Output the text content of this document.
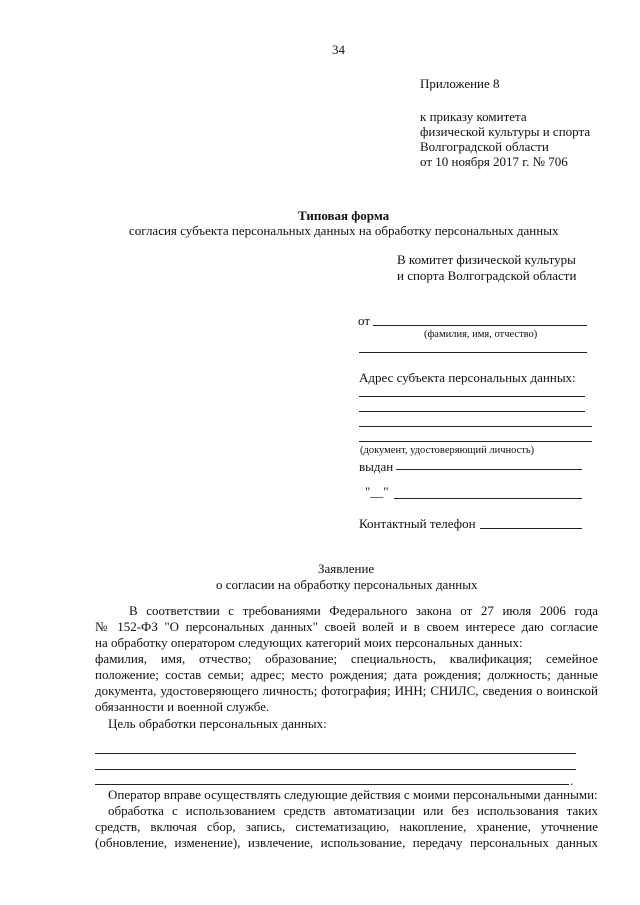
34
Приложение 8
к приказу комитета
физической культуры и спорта
Волгоградской области
от 10 ноября 2017 г. № 706
Типовая форма
согласия субъекта персональных данных на обработку персональных данных
В комитет физической культуры
и спорта Волгоградской области
от
(фамилия, имя, отчество)
Адрес субъекта персональных данных:
(документ, удостоверяющий личность)
выдан
"__"
Контактный телефон
Заявление
о согласии на обработку персональных данных
В соответствии с требованиями Федерального закона от 27 июля 2006 года
№ 152-ФЗ "О персональных данных" своей волей и в своем интересе даю согласие
на обработку оператором следующих категорий моих персональных данных:
фамилия, имя, отчество; образование; специальность, квалификация; семейное
положение; состав семьи; адрес; место рождения; дата рождения; должность; данные
документа, удостоверяющего личность; фотография; ИНН; СНИЛС, сведения о воинской
обязанности и военной службе.
Цель обработки персональных данных:
.
Оператор вправе осуществлять следующие действия с моими персональными данными:
обработка с использованием средств автоматизации или без использования таких
средств, включая сбор, запись, систематизацию, накопление, хранение, уточнение
(обновление, изменение), извлечение, использование, передачу персональных данных
